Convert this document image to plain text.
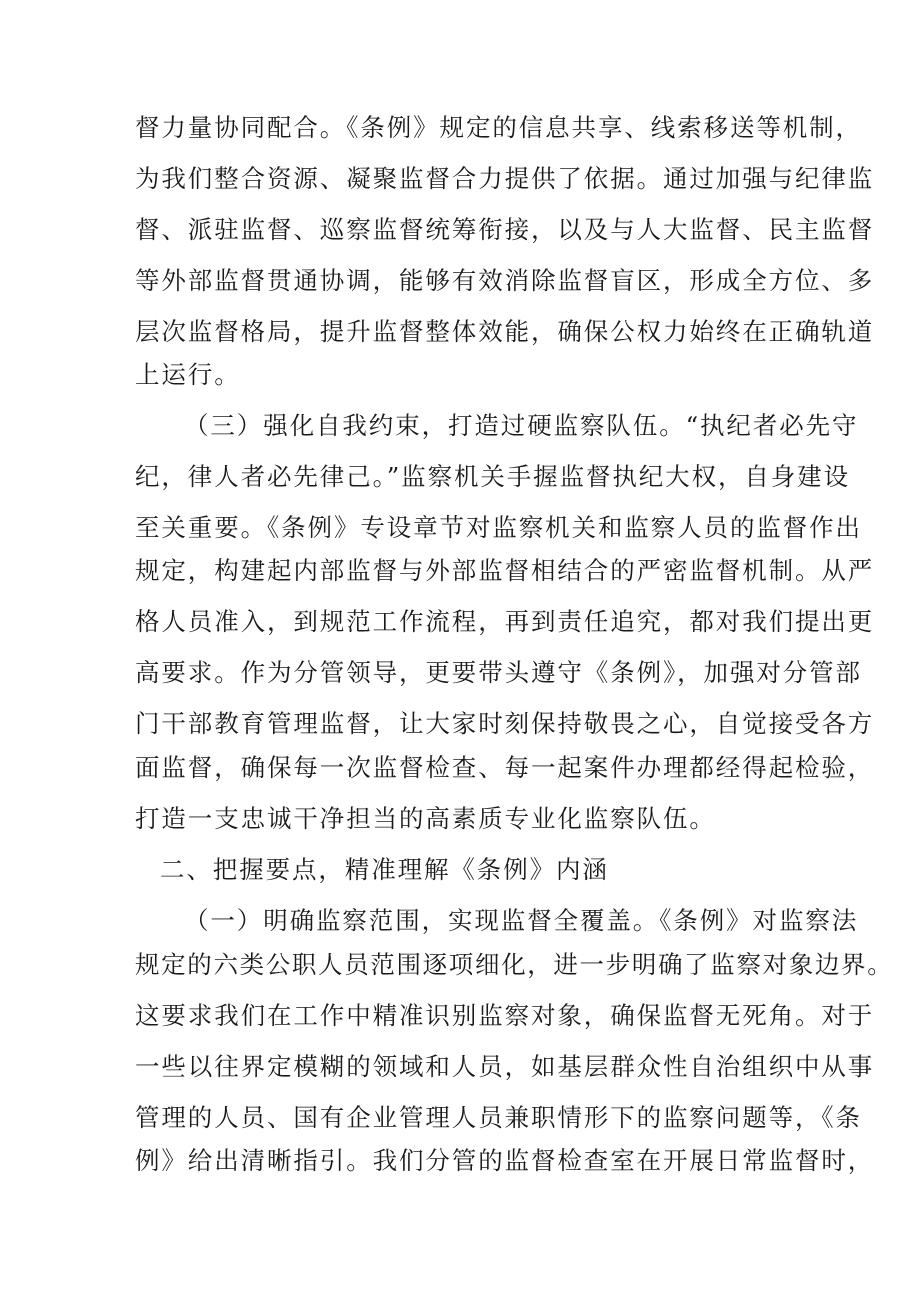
督力量协同配合。《条例》规定的信息共享、线索移送等机制，
为我们整合资源、凝聚监督合力提供了依据。通过加强与纪律监
督、派驻监督、巡察监督统筹衔接，以及与人大监督、民主监督
等外部监督贯通协调，能够有效消除监督盲区，形成全方位、多
层次监督格局，提升监督整体效能，确保公权力始终在正确轨道
上运行。
（三）强化自我约束，打造过硬监察队伍。“执纪者必先守
纪，律人者必先律己。”监察机关手握监督执纪大权，自身建设
至关重要。《条例》专设章节对监察机关和监察人员的监督作出
规定，构建起内部监督与外部监督相结合的严密监督机制。从严
格人员准入，到规范工作流程，再到责任追究，都对我们提出更
高要求。作为分管领导，更要带头遵守《条例》，加强对分管部
门干部教育管理监督，让大家时刻保持敬畏之心，自觉接受各方
面监督，确保每一次监督检查、每一起案件办理都经得起检验，
打造一支忠诚干净担当的高素质专业化监察队伍。
二、把握要点，精准理解《条例》内涵
（一）明确监察范围，实现监督全覆盖。《条例》对监察法
规定的六类公职人员范围逐项细化，进一步明确了监察对象边界。
这要求我们在工作中精准识别监察对象，确保监督无死角。对于
一些以往界定模糊的领域和人员，如基层群众性自治组织中从事
管理的人员、国有企业管理人员兼职情形下的监察问题等，《条
例》给出清晰指引。我们分管的监督检查室在开展日常监督时，
